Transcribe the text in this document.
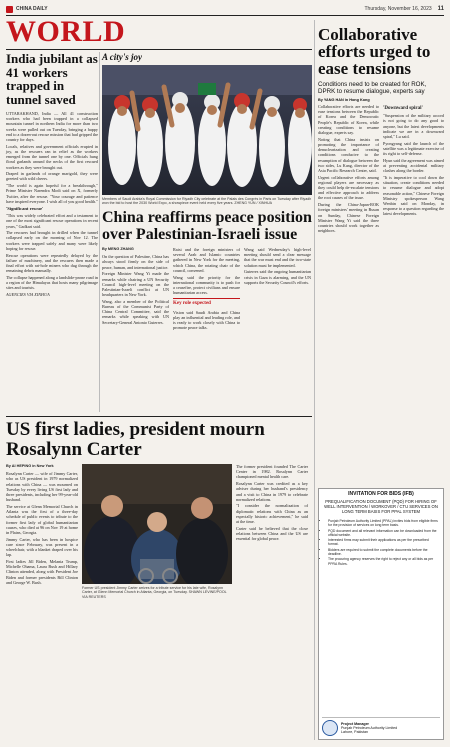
CHINA DAILY	Thursday, November 16, 2023 11
WORLD
India jubilant as 41 workers trapped in tunnel saved

UTTARAKHAND, India — All 41 construction workers who had been trapped in a collapsed mountain tunnel in northern India for more than two weeks were pulled out on Tuesday, bringing a happy end to a dozen-out rescue mission that had gripped the country for days.

Locals, relatives and government officials erupted in joy, as the rescuers ran in relief as the workers emerged from the tunnel one by one. Officials hung floral garlands around the necks of the first rescued workers as they were brought out.

Draped in garlands of orange marigold, they were greeted with wild cheers.

"The world is again hopeful for a breakthrough," Prime Minister Narendra Modi said on X, formerly Twitter, after the rescue. "Your courage and patience have inspired everyone. I wish all of you good health."

'Significant rescue'

"This was widely celebrated effort and a testament to one of the most significant rescue operations in recent years," Gadkari said.

The rescuers had brought in drilled when the tunnel collapsed early on the morning of Nov 12. The workers were trapped safely and many were likely hoping for rescue.

Rescue operations were repeatedly delayed by the failure of machinery, and the rescuers then made a final effort with rat-hole miners who dug through the remaining debris manually.

The collapse happened along a landslide-prone road in a region of the Himalayas that hosts many pilgrimage sites and tourists.

AGENCIES VIA XINHUA

A city's joy
Members of Saudi Arabia's Royal Commission for Riyadh City celebrate at the Palais des Congrès in Paris on Tuesday after Riyadh won the bid to host the 2030 World Expo, a showpiece event held every five years. ZHENG YUN / XINHUA
China reaffirms peace position over Palestinian-Israeli issue
By MENG ZHANG

On the question of Palestine, China has always stood firmly on the side of peace, human, and international justice.

Foreign Minister Wang Yi made the remarks while chairing a UN Security Council high-level meeting on the Palestinian-Israeli conflict at UN headquarters in New York.

Wang, also a member of the Political Bureau of the Communist Party of China Central Committee, said the remarks while speaking with UN Secretary-General Antonio Guterres.

Raisi and the foreign ministers of several Arab and Islamic countries gathered in New York for the meeting, which China, the rotating chair of the council, convened.

Wang said the priority for the international community is to push for a ceasefire, protect civilians and ensure humanitarian access.

Key role expected

Vision said Saudi Arabia and China play an influential and leading role, and is ready to work closely with China to promote peace talks.

Wang said Wednesday's high-level meeting should send a clear message that the war must end and the two-state solution must be implemented.

Guterres said the ongoing humanitarian crisis in Gaza is alarming, and the UN supports the Security Council's efforts.

Collaborative efforts urged to ease tensions
Conditions need to be created for ROK, DPRK to resume dialogue, experts say
By YANG HAN in Hong Kong

Collaborative efforts are needed to ease tensions between the Republic of Korea and the Democratic People's Republic of Korea, while creating conditions to resume dialogue, experts say.

Noting that China insists on promoting the importance of denuclearization and creating conditions conducive to the resumption of dialogue between the two sides, Lu Kang, director of the Asia Pacific Research Center, said.

Urgent collaborative efforts among regional players are necessary as they could help de-escalate tensions and effective approach to address the root causes of the issue.

During the China-Japan-ROK foreign ministers' meeting in Busan on Sunday, Chinese Foreign Minister Wang Yi said the three countries should work together as neighbors.

'Downward spiral'

"Suspension of the military accord is not going to do any good to anyone, but the latest developments indicate we are in a downward spiral," Lu said.

Pyongyang said the launch of the satellite was a legitimate exercise of its right to self-defense.

Hyun said the agreement was aimed at preventing accidental military clashes along the border.

"It is imperative to cool down the situation, create conditions needed to resume dialogue and adopt reasonable action," Chinese Foreign Ministry spokesperson Wang Wenbin said on Monday, in response to a question regarding the latest developments.

US first ladies, president mourn Rosalynn Carter
By AI HEPING in New York

Rosalynn Carter — wife of Jimmy Carter, who as US president in 1979 normalized relations with China — was mourned on Tuesday by every living US first lady and three presidents, including her 99-year-old husband.

The service at Glenn Memorial Church in Atlanta was the first of a three-day schedule of public events to tribute to the former first lady of global humanitarian causes, who died at 96 on Nov 19 at home in Plains, Georgia.

Jimmy Carter, who has been in hospice care since February, was present in a wheelchair, with a blanket draped over his lap.

First ladies Jill Biden, Melania Trump, Michelle Obama, Laura Bush and Hillary Clinton attended, along with President Joe Biden and former presidents Bill Clinton and George W. Bush.

Former US president Jimmy Carter arrives for a tribute service for his late wife, Rosalynn Carter, at Glenn Memorial Church in Atlanta, Georgia, on Tuesday. SHAWN LEVINE/POOL VIA REUTERS

The former president founded The Carter Center in 1982. Rosalynn Carter championed mental health care.

Rosalynn Carter was credited as a key adviser during her husband's presidency and a visit to China in 1979 to celebrate normalized relations.

"I consider the normalization of diplomatic relations with China as an especially historic achievement," he said at the time.

Carter said he believed that the close relations between China and the US are essential for global peace.

INVITATION FOR BIDS (IFB)
PREQUALIFICATION DOCUMENT (PQD) FOR HIRING OF WELL INTERVENTION / WORKOVER / CTU SERVICES ON LONG TERM BASIS FOR PPAL SYSTEM
• Punjab Petroleum Authority Limited (PPAL) invites bids from eligible firms for the provision of services on long term basis.
• PQD document and all relevant information can be downloaded from the official website.
• Interested firms may submit their applications as per the prescribed format.
• Bidders are required to submit the complete documents before the deadline.
• The procuring agency reserves the right to reject any or all bids as per PPRA Rules.
Project Manager
Punjab Petroleum Authority Limited
Lahore, Pakistan
